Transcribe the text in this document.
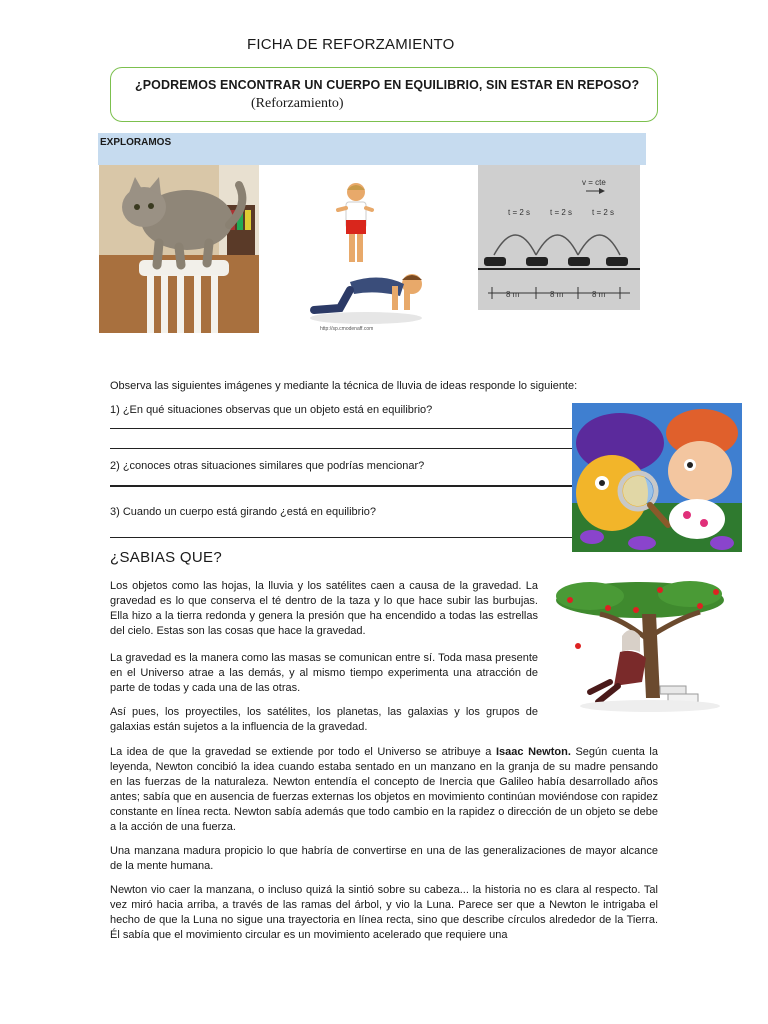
FICHA DE REFORZAMIENTO
¿PODREMOS ENCONTRAR UN CUERPO EN EQUILIBRIO, SIN ESTAR EN REPOSO?
(Reforzamiento)
EXPLORAMOS
http://sp.cmodenaff.com
v = cte
t = 2 s t = 2 s t = 2 s
8 m	8 m	8 m
Observa las siguientes imágenes y mediante la técnica de lluvia de ideas responde lo siguiente:
1) ¿En qué situaciones observas que un objeto está en equilibrio?
2) ¿conoces otras situaciones similares que podrías mencionar?
3) Cuando un cuerpo está girando ¿está en equilibrio?
¿SABIAS QUE?

Los objetos como las hojas, la lluvia y los satélites caen a causa de la gravedad. La gravedad es lo que conserva el té dentro de la taza y lo que hace subir las burbujas. Ella hizo a la tierra redonda y genera la presión que ha encendido a todas las estrellas del cielo. Estas son las cosas que hace la gravedad.

La gravedad es la manera como las masas se comunican entre sí. Toda masa presente en el Universo atrae a las demás, y al mismo tiempo experimenta una atracción de parte de todas y cada una de las otras.

Así pues, los proyectiles, los satélites, los planetas, las galaxias y los grupos de galaxias están sujetos a la influencia de la gravedad.

La idea de que la gravedad se extiende por todo el Universo se atribuye a Isaac Newton. Según cuenta la leyenda, Newton concibió la idea cuando estaba sentado en un manzano en la granja de su madre pensando en las fuerzas de la naturaleza. Newton entendía el concepto de Inercia que Galileo había desarrollado años antes; sabía que en ausencia de fuerzas externas los objetos en movimiento continúan moviéndose con rapidez constante en línea recta. Newton sabía además que todo cambio en la rapidez o dirección de un objeto se debe a la acción de una fuerza.

Una manzana madura propicio lo que habría de convertirse en una de las generalizaciones de mayor alcance de la mente humana.

Newton vio caer la manzana, o incluso quizá la sintió sobre su cabeza... la historia no es clara al respecto. Tal vez miró hacia arriba, a través de las ramas del árbol, y vio la Luna. Parece ser que a Newton le intrigaba el hecho de que la Luna no sigue una trayectoria en línea recta, sino que describe círculos alrededor de la Tierra. Él sabía que el movimiento circular es un movimiento acelerado que requiere una
